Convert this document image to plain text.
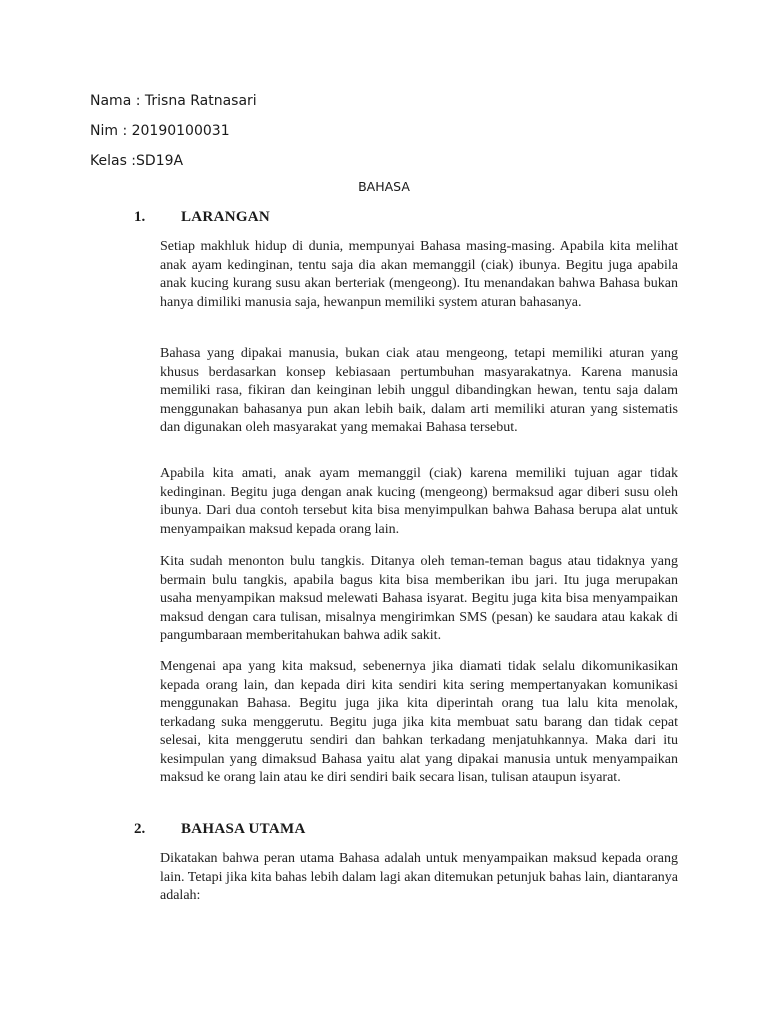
Nama : Trisna Ratnasari
Nim : 20190100031
Kelas :SD19A
BAHASA
1. LARANGAN
Setiap makhluk hidup di dunia, mempunyai Bahasa masing-masing. Apabila kita melihat anak ayam kedinginan, tentu saja dia akan memanggil (ciak) ibunya. Begitu juga apabila anak kucing kurang susu akan berteriak (mengeong). Itu menandakan bahwa Bahasa bukan hanya dimiliki manusia saja, hewanpun memiliki system aturan bahasanya.
Bahasa yang dipakai manusia, bukan ciak atau mengeong, tetapi memiliki aturan yang khusus berdasarkan konsep kebiasaan pertumbuhan masyarakatnya. Karena manusia memiliki rasa, fikiran dan keinginan lebih unggul dibandingkan hewan, tentu saja dalam menggunakan bahasanya pun akan lebih baik, dalam arti memiliki aturan yang sistematis dan digunakan oleh masyarakat yang memakai Bahasa tersebut.
Apabila kita amati, anak ayam memanggil (ciak) karena memiliki tujuan agar tidak kedinginan. Begitu juga dengan anak kucing (mengeong) bermaksud agar diberi susu oleh ibunya. Dari dua contoh tersebut kita bisa menyimpulkan bahwa Bahasa berupa alat untuk menyampaikan maksud kepada orang lain.
Kita sudah menonton bulu tangkis. Ditanya oleh teman-teman bagus atau tidaknya yang bermain bulu tangkis, apabila bagus kita bisa memberikan ibu jari. Itu juga merupakan usaha menyampikan maksud melewati Bahasa isyarat. Begitu juga kita bisa menyampaikan maksud dengan cara tulisan, misalnya mengirimkan SMS (pesan) ke saudara atau kakak di pangumbaraan memberitahukan bahwa adik sakit.
Mengenai apa yang kita maksud, sebenernya jika diamati tidak selalu dikomunikasikan kepada orang lain, dan kepada diri kita sendiri kita sering mempertanyakan komunikasi menggunakan Bahasa. Begitu juga jika kita diperintah orang tua lalu kita menolak, terkadang suka menggerutu. Begitu juga jika kita membuat satu barang dan tidak cepat selesai, kita menggerutu sendiri dan bahkan terkadang menjatuhkannya. Maka dari itu kesimpulan yang dimaksud Bahasa yaitu alat yang dipakai manusia untuk menyampaikan maksud ke orang lain atau ke diri sendiri baik secara lisan, tulisan ataupun isyarat.
2. BAHASA UTAMA
Dikatakan bahwa peran utama Bahasa adalah untuk menyampaikan maksud kepada orang lain. Tetapi jika kita bahas lebih dalam lagi akan ditemukan petunjuk bahas lain, diantaranya adalah:
